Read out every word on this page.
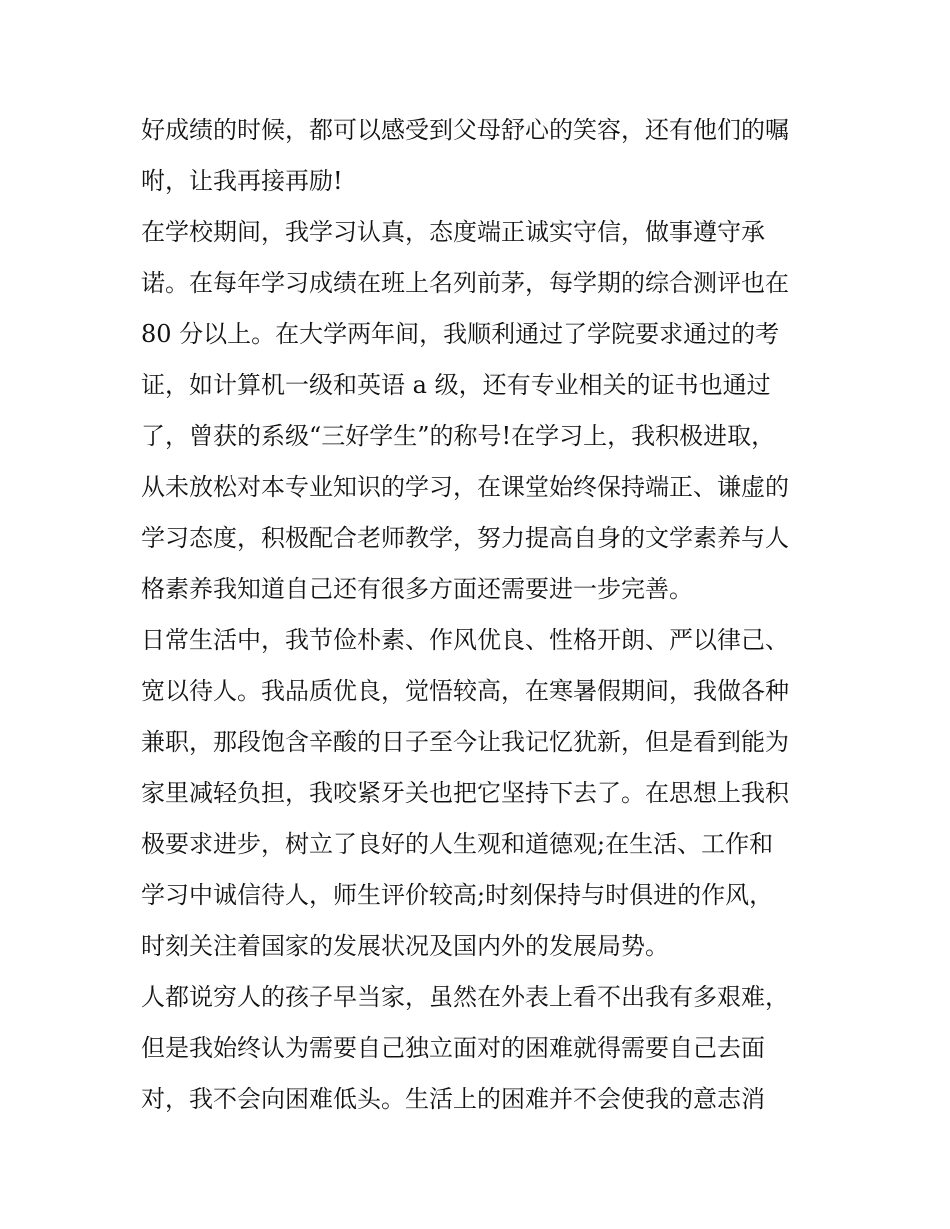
好成绩的时候，都可以感受到父母舒心的笑容，还有他们的嘱
咐，让我再接再励!
在学校期间，我学习认真，态度端正诚实守信，做事遵守承
诺。在每年学习成绩在班上名列前茅，每学期的综合测评也在
80 分以上。在大学两年间，我顺利通过了学院要求通过的考
证，如计算机一级和英语 a 级，还有专业相关的证书也通过
了，曾获的系级“三好学生”的称号!在学习上，我积极进取，
从未放松对本专业知识的学习，在课堂始终保持端正、谦虚的
学习态度，积极配合老师教学，努力提高自身的文学素养与人
格素养我知道自己还有很多方面还需要进一步完善。
日常生活中，我节俭朴素、作风优良、性格开朗、严以律己、
宽以待人。我品质优良，觉悟较高，在寒暑假期间，我做各种
兼职，那段饱含辛酸的日子至今让我记忆犹新，但是看到能为
家里减轻负担，我咬紧牙关也把它坚持下去了。在思想上我积
极要求进步，树立了良好的人生观和道德观;在生活、工作和
学习中诚信待人，师生评价较高;时刻保持与时俱进的作风，
时刻关注着国家的发展状况及国内外的发展局势。
人都说穷人的孩子早当家，虽然在外表上看不出我有多艰难，
但是我始终认为需要自己独立面对的困难就得需要自己去面
对，我不会向困难低头。生活上的困难并不会使我的意志消
